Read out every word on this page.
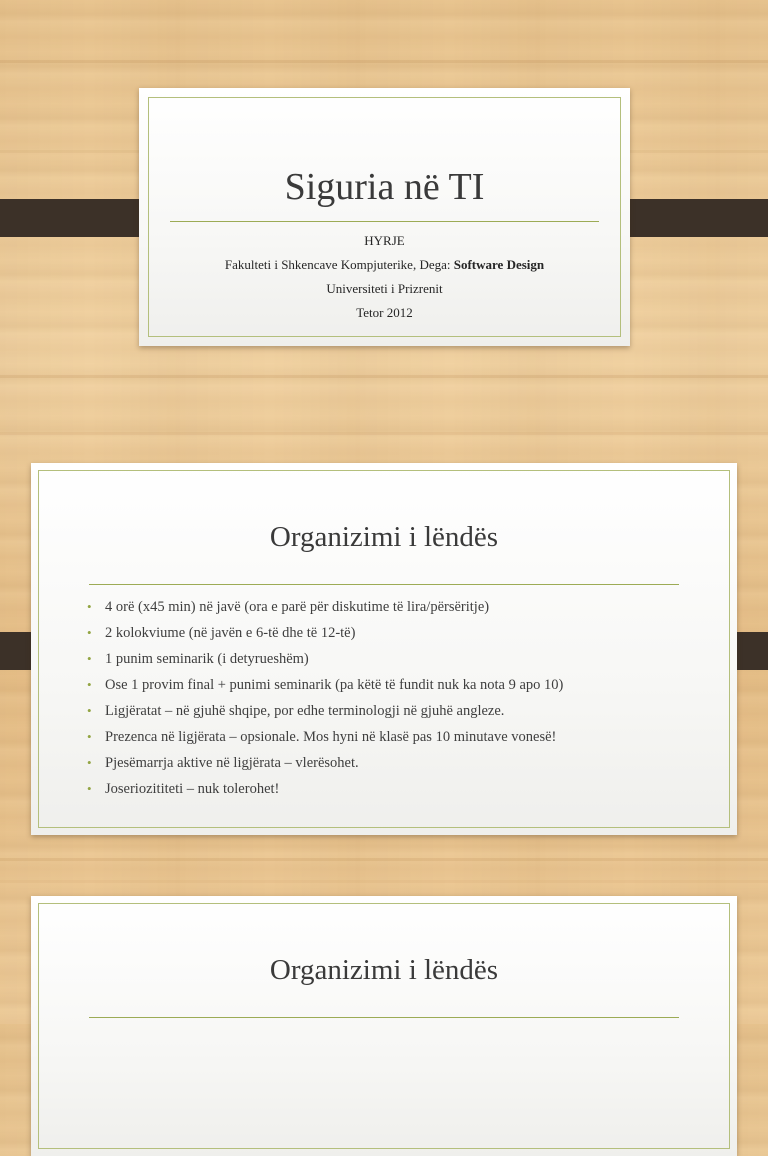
Siguria në TI
HYRJE
Fakulteti i Shkencave Kompjuterike, Dega: Software Design
Universiteti i Prizrenit
Tetor 2012
Organizimi i lëndës
• 4 orë (x45 min) në javë (ora e parë për diskutime të lira/përsëritje)
• 2 kolokviume (në javën e 6-të dhe të 12-të)
• 1 punim seminarik (i detyrueshëm)
• Ose 1 provim final + punimi seminarik (pa këtë të fundit nuk ka nota 9 apo 10)
• Ligjëratat – në gjuhë shqipe, por edhe terminologji në gjuhë angleze.
• Prezenca në ligjërata – opsionale. Mos hyni në klasë pas 10 minutave vonesë!
• Pjesëmarrja aktive në ligjërata – vlerësohet.
• Joseriozititeti – nuk tolerohet!
Organizimi i lëndës
